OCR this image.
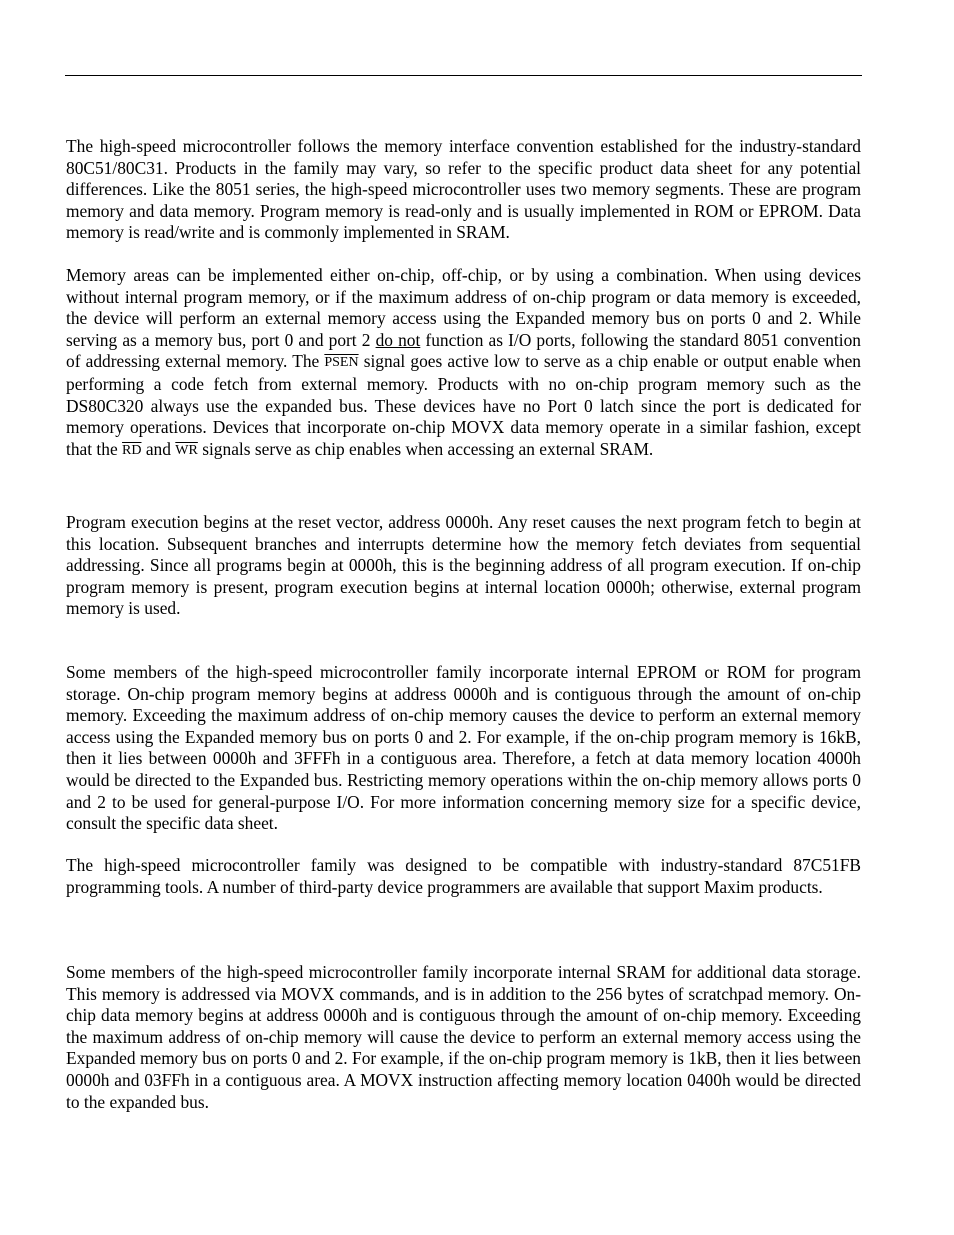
The high-speed microcontroller follows the memory interface convention established for the industry-standard 80C51/80C31. Products in the family may vary, so refer to the specific product data sheet for any potential differences. Like the 8051 series, the high-speed microcontroller uses two memory segments. These are program memory and data memory. Program memory is read-only and is usually implemented in ROM or EPROM. Data memory is read/write and is commonly implemented in SRAM.

Memory areas can be implemented either on-chip, off-chip, or by using a combination. When using devices without internal program memory, or if the maximum address of on-chip program or data memory is exceeded, the device will perform an external memory access using the Expanded memory bus on ports 0 and 2. While serving as a memory bus, port 0 and port 2 do not function as I/O ports, following the standard 8051 convention of addressing external memory. The PSEN signal goes active low to serve as a chip enable or output enable when performing a code fetch from external memory. Products with no on-chip program memory such as the DS80C320 always use the expanded bus. These devices have no Port 0 latch since the port is dedicated for memory operations. Devices that incorporate on-chip MOVX data memory operate in a similar fashion, except that the $\overline{RD}$ and $\overline{WR}$ signals serve as chip enables when accessing an external SRAM.

Program execution begins at the reset vector, address 0000h. Any reset causes the next program fetch to begin at this location. Subsequent branches and interrupts determine how the memory fetch deviates from sequential addressing. Since all programs begin at 0000h, this is the beginning address of all program execution. If on-chip program memory is present, program execution begins at internal location 0000h; otherwise, external program memory is used.

Some members of the high-speed microcontroller family incorporate internal EPROM or ROM for program storage. On-chip program memory begins at address 0000h and is contiguous through the amount of on-chip memory. Exceeding the maximum address of on-chip memory causes the device to perform an external memory access using the Expanded memory bus on ports 0 and 2. For example, if the on-chip program memory is 16kB, then it lies between 0000h and 3FFFh in a contiguous area. Therefore, a fetch at data memory location 4000h would be directed to the Expanded bus. Restricting memory operations within the on-chip memory allows ports 0 and 2 to be used for general-purpose I/O. For more information concerning memory size for a specific device, consult the specific data sheet.

The high-speed microcontroller family was designed to be compatible with industry-standard 87C51FB programming tools. A number of third-party device programmers are available that support Maxim products.

Some members of the high-speed microcontroller family incorporate internal SRAM for additional data storage. This memory is addressed via MOVX commands, and is in addition to the 256 bytes of scratchpad memory. On-chip data memory begins at address 0000h and is contiguous through the amount of on-chip memory. Exceeding the maximum address of on-chip memory will cause the device to perform an external memory access using the Expanded memory bus on ports 0 and 2. For example, if the on-chip program memory is 1kB, then it lies between 0000h and 03FFh in a contiguous area. A MOVX instruction affecting memory location 0400h would be directed to the expanded bus.
